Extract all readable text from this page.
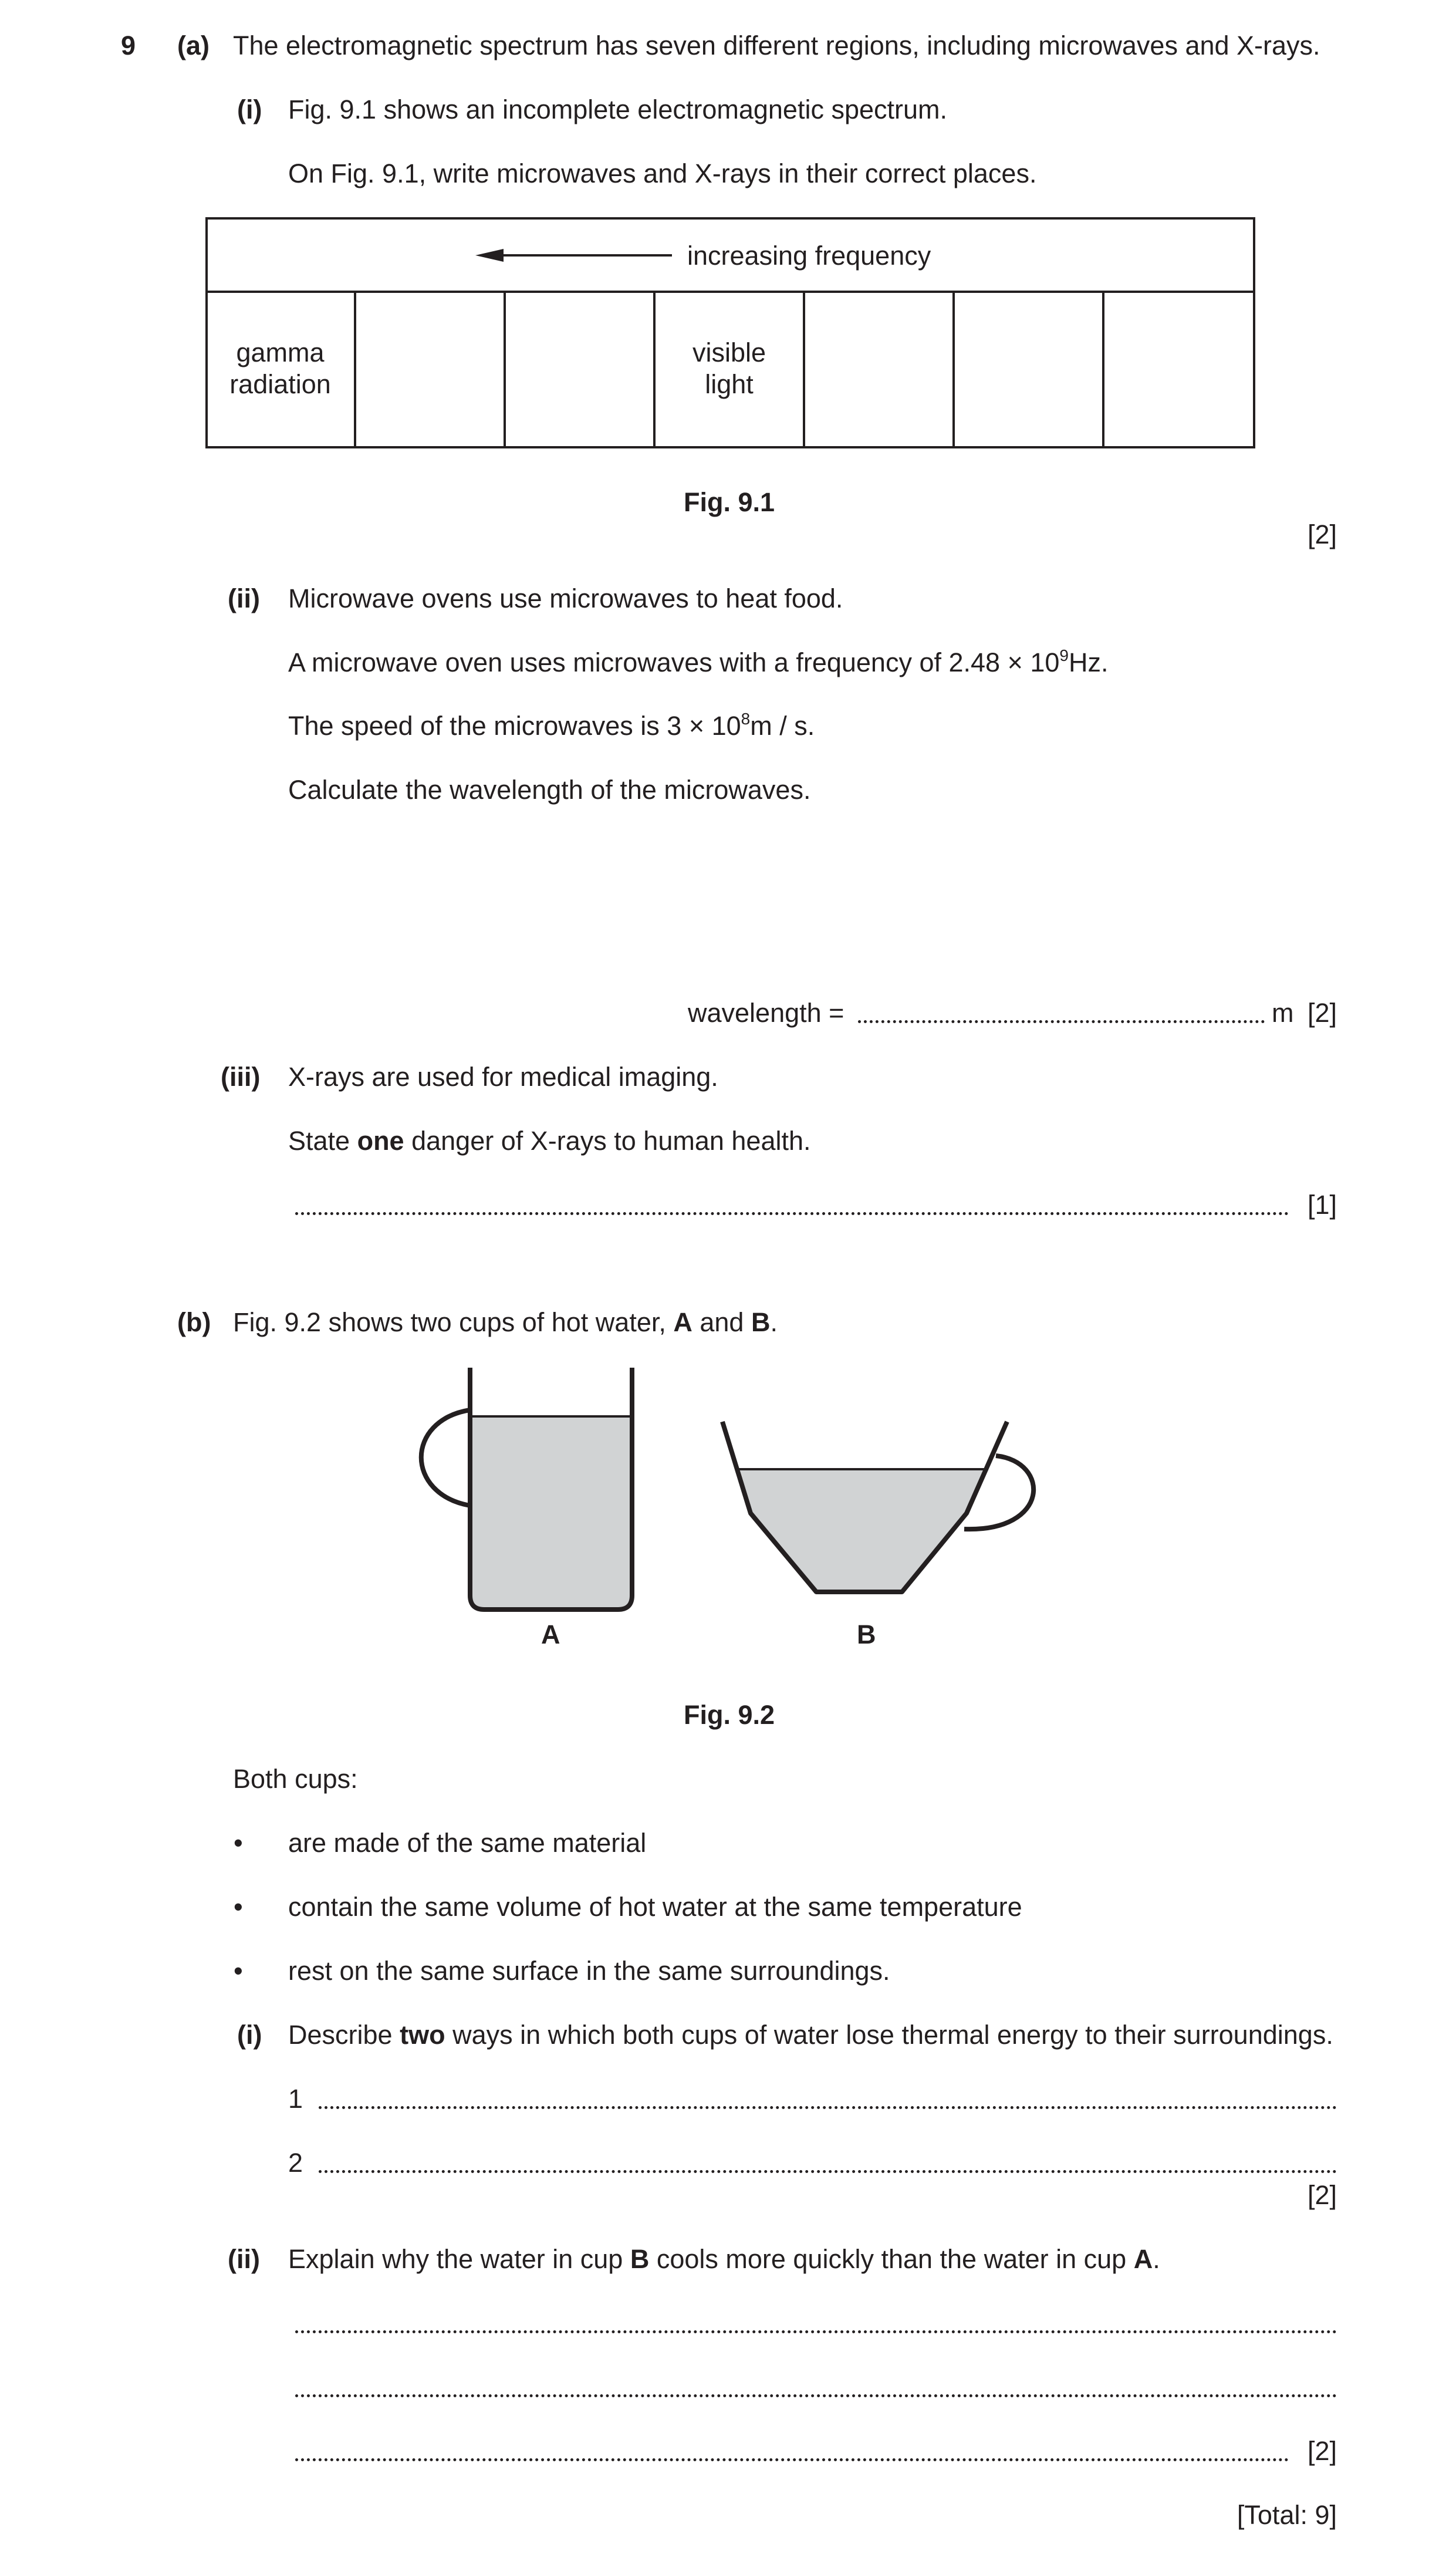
9 (a) The electromagnetic spectrum has seven different regions, including microwaves and X-rays.
(i) Fig. 9.1 shows an incomplete electromagnetic spectrum.
On Fig. 9.1, write microwaves and X-rays in their correct places.
increasing frequency
gamma
radiation
visible
light
Fig. 9.1
[2]
(ii) Microwave ovens use microwaves to heat food.
A microwave oven uses microwaves with a frequency of $2.48 \times 10^9Hz$.
The speed of the microwaves is $3 \times 10^8m / s$.
Calculate the wavelength of the microwaves.
wavelength =	m [2]
(iii) X-rays are used for medical imaging.
State one danger of X-rays to human health.
[1]
(b) Fig. 9.2 shows two cups of hot water, A and B.
A	B
Fig. 9.2
Both cups:
• are made of the same material
• contain the same volume of hot water at the same temperature
• rest on the same surface in the same surroundings.
(i) Describe two ways in which both cups of water lose thermal energy to their surroundings.
1
2
[2]
(ii) Explain why the water in cup B cools more quickly than the water in cup A.
[2]
[Total: 9]
